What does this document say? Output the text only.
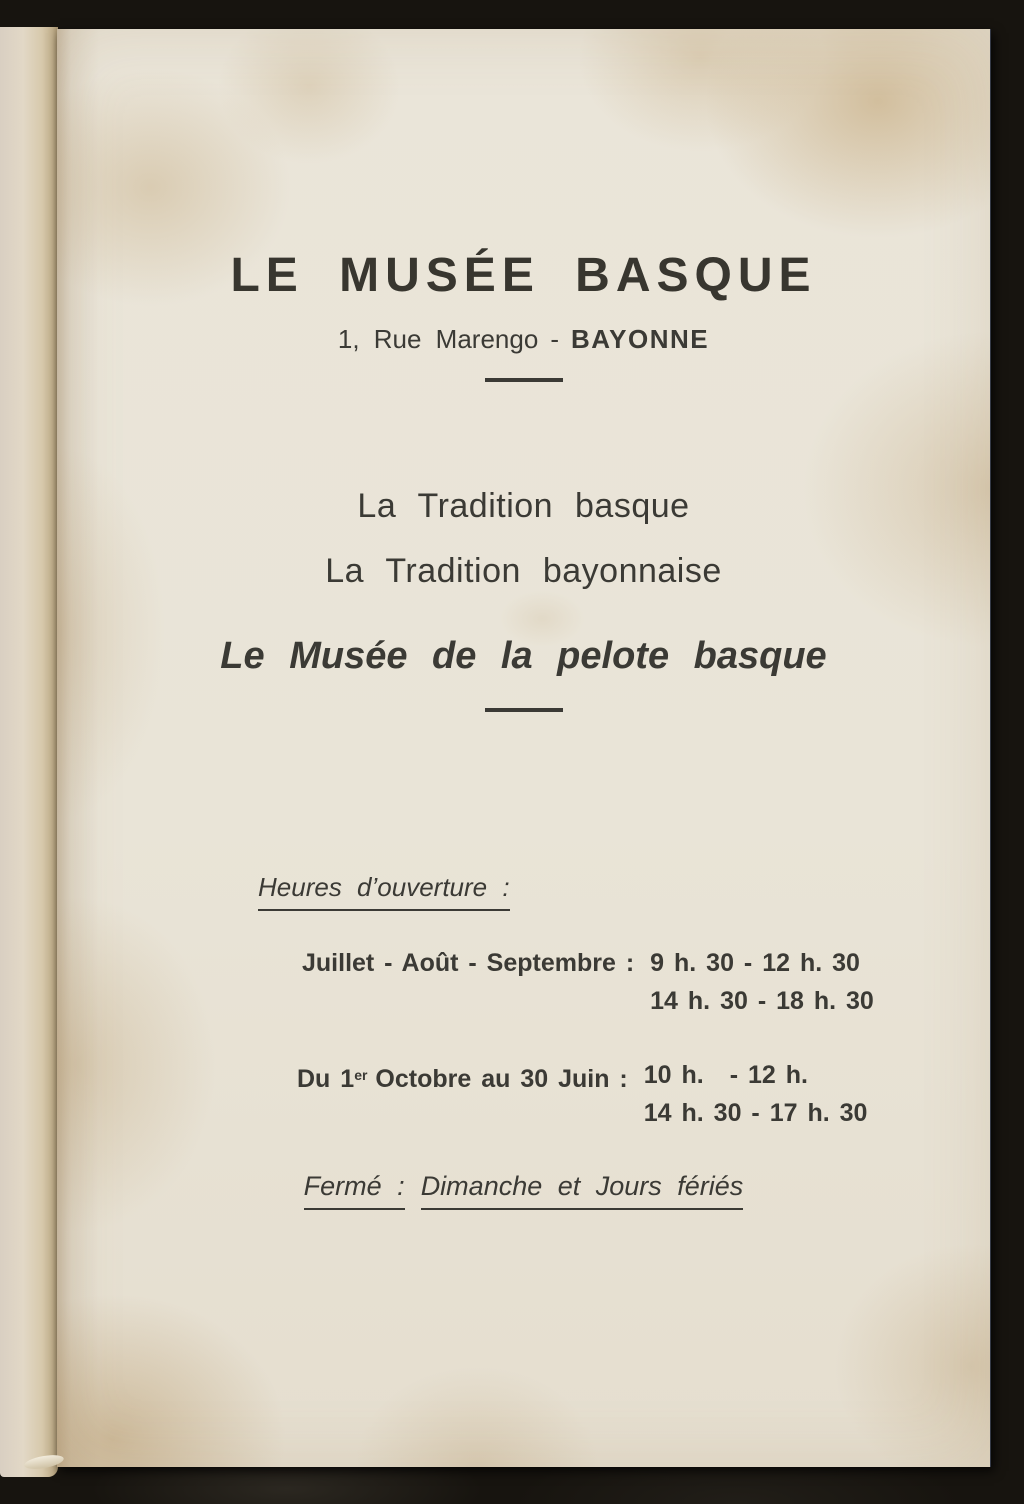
LE MUSÉE BASQUE
1, Rue Marengo - BAYONNE
La Tradition basque
La Tradition bayonnaise
Le Musée de la pelote basque
Heures d’ouverture :
Juillet - Août - Septembre : 9 h. 30 - 12 h. 30
14 h. 30 - 18 h. 30
Du 1er Octobre au 30 Juin : 10 h. - 12 h.
14 h. 30 - 17 h. 30
Fermé : Dimanche et Jours fériés
